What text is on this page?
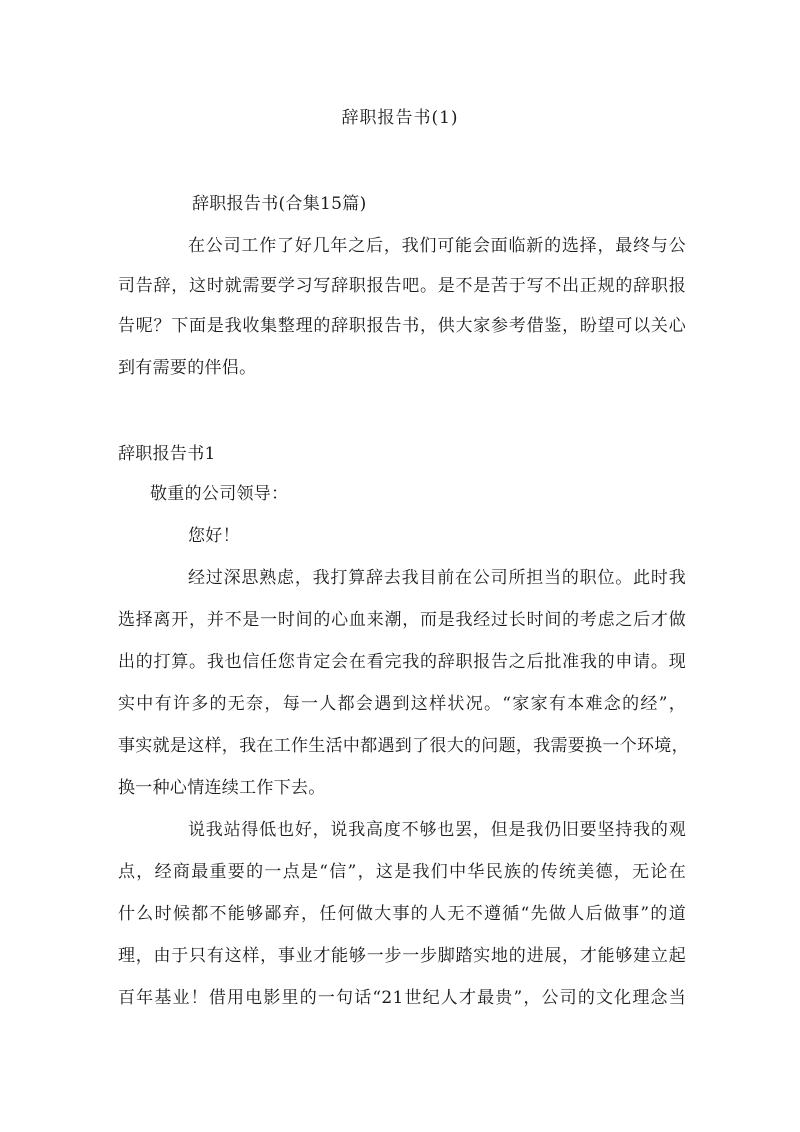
辞职报告书(1)
辞职报告书(合集15篇)
在公司工作了好几年之后，我们可能会面临新的选择，最终与公
司告辞，这时就需要学习写辞职报告吧。是不是苦于写不出正规的辞职报
告呢？下面是我收集整理的辞职报告书，供大家参考借鉴，盼望可以关心
到有需要的伴侣。
辞职报告书1
敬重的公司领导：
您好！
经过深思熟虑，我打算辞去我目前在公司所担当的职位。此时我
选择离开，并不是一时间的心血来潮，而是我经过长时间的考虑之后才做
出的打算。我也信任您肯定会在看完我的辞职报告之后批准我的申请。现
实中有许多的无奈，每一人都会遇到这样状况。“家家有本难念的经”，
事实就是这样，我在工作生活中都遇到了很大的问题，我需要换一个环境，
换一种心情连续工作下去。
说我站得低也好，说我高度不够也罢，但是我仍旧要坚持我的观
点，经商最重要的一点是“信”，这是我们中华民族的传统美德，无论在
什么时候都不能够鄙弃，任何做大事的人无不遵循“先做人后做事”的道
理，由于只有这样，事业才能够一步一步脚踏实地的进展，才能够建立起
百年基业！借用电影里的一句话“21世纪人才最贵”，公司的文化理念当
